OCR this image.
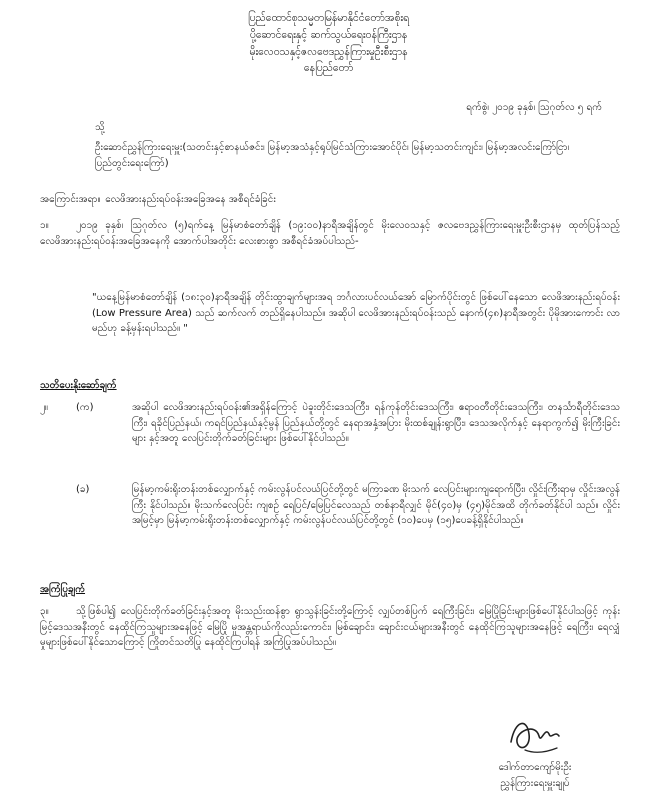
ပြည်ထောင်စုသမ္မတမြန်မာနိုင်ငံတော်အစိုးရ
ပို့ဆောင်ရေးနှင့် ဆက်သွယ်ရေးဝန်ကြီးဌာန
မိုးလေဝသနှင့်ဇလဗေဒညွှန်ကြားမှုဦးစီးဌာန
နေပြည်တော်
ရက်စွဲ၊ ၂၀၁၉ ခုနှစ်၊ ဩဂုတ်လ ၅ ရက်
သို့
ဦးဆောင်ညွှန်ကြားရေးမှူး(သတင်းနှင့်စာနယ်ဇင်း၊ မြန်မာ့အသံနှင့်ရုပ်မြင်သံကြားအောင်ပိုင်၊ မြန်မာ့သတင်းကျင်း၊ မြန်မာ့အလင်းကြော်ငြာ၊ ပြည်တွင်းရေးကြော်)
အကြောင်းအရာ။ လေဖိအားနည်းရပ်ဝန်းအခြေအနေ အစီရင်ခံခြင်း
၁။	၂၀၁၉ ခုနှစ်၊ ဩဂုတ်လ (၅)ရက်နေ့ မြန်မာစံတော်ချိန် (၁၉:၀၀)နာရီအချိန်တွင် မိုးလေဝသနှင့် ဇလဗေဒညွှန်ကြားရေးမှူးဦးစီးဌာနမှ ထုတ်ပြန်သည့် လေဖိအားနည်းရပ်ဝန်းအခြေအနေကို အောက်ပါအတိုင်း လေးစားစွာ အစီရင်ခံအပ်ပါသည်-
"ယနေ့မြန်မာစံတော်ချိန် (၁၈:၃၀)နာရီအချိန် တိုင်းထွာချက်များအရ ဘင်္ဂလားပင်လယ်အော် မြောက်ပိုင်းတွင် ဖြစ်ပေါ်နေသော လေဖိအားနည်းရပ်ဝန်း (Low Pressure Area) သည် ဆက်လက် တည်ရှိနေပါသည်။ အဆိုပါ လေဖိအားနည်းရပ်ဝန်းသည် နောက်(၄၈)နာရီအတွင်း ပိုမိုအားကောင်း လာမည်ဟု ခန့်မှန်းရပါသည်။ "
သတိပေးနိုးဆော်ချက်
၂။	(က)	အဆိုပါ လေဖိအားနည်းရပ်ဝန်း၏အရှိန်ကြောင့် ပဲခူးတိုင်းဒေသကြီး၊ ရန်ကုန်တိုင်းဒေသကြီး၊ ဧရာဝတီတိုင်းဒေသကြီး၊ တနင်္သာရီတိုင်းဒေသကြီး၊ ရခိုင်ပြည်နယ်၊ ကရင်ပြည်နယ်နှင့်မွန် ပြည်နယ်တို့တွင် နေရာအနှံ့အပြား မိုးထစ်ချုန်းရွာပြီး၊ ဒေသအလိုက်နှင့် နေရာကွက်၍ မိုးကြီးခြင်းများ နှင့်အတူ လေပြင်းတိုက်ခတ်ခြင်းများ ဖြစ်ပေါ်နိုင်ပါသည်။
(ခ)	မြန်မာ့ကမ်းရိုးတန်းတစ်လျှောက်နှင့် ကမ်းလွန်ပင်လယ်ပြင်တို့တွင် မကြာခဏ မိုးသက် လေပြင်းများကျရောက်ပြီး၊ လှိုင်းကြီးရာမှ လှိုင်းအလွန်ကြီး နိုင်ပါသည်။ မိုးသက်လေပြင်း ကျစဉ် ရေပြင်/မြေပြင်လေသည် တစ်နာရီလျှင် မိုင်(၄၀)မှ (၄၅)မိုင်အထိ တိုက်ခတ်နိုင်ပါ သည်။ လှိုင်းအမြင့်မှာ မြန်မာ့ကမ်းရိုးတန်းတစ်လျှောက်နှင့် ကမ်းလွန်ပင်လယ်ပြင်တို့တွင် (၁၀)ပေမှ (၁၅)ပေခန့်ရှိနိုင်ပါသည်။
အကြံပြုချက်
၃။	သို့ဖြစ်ပါ၍ လေပြင်းတိုက်ခတ်ခြင်းနှင့်အတူ မိုးသည်းထန်စွာ ရွာသွန်းခြင်းတို့ကြောင့် လျှပ်တစ်ပြက် ရေကြီးခြင်း၊ မြေပြိုခြင်းများဖြစ်ပေါ်နိုင်ပါသဖြင့် ကုန်းမြင့်ဒေသအနီးတွင် နေထိုင်ကြသူများအနေဖြင့် မြေပြို မှုအန္တရာယ်ကိုလည်းကောင်း၊ မြစ်ချောင်း၊ ချောင်းငယ်များအနီးတွင် နေထိုင်ကြသူများအနေဖြင့် ရေကြီး၊ ရေလျှံ မှုများဖြစ်ပေါ်နိုင်သောကြောင့် ကြိုတင်သတိပြု နေထိုင်ကြပါရန် အကြံပြုအပ်ပါသည်။
ဒေါက်တာကျော်မိုးဦး
ညွှန်ကြားရေးမှူးချုပ်
